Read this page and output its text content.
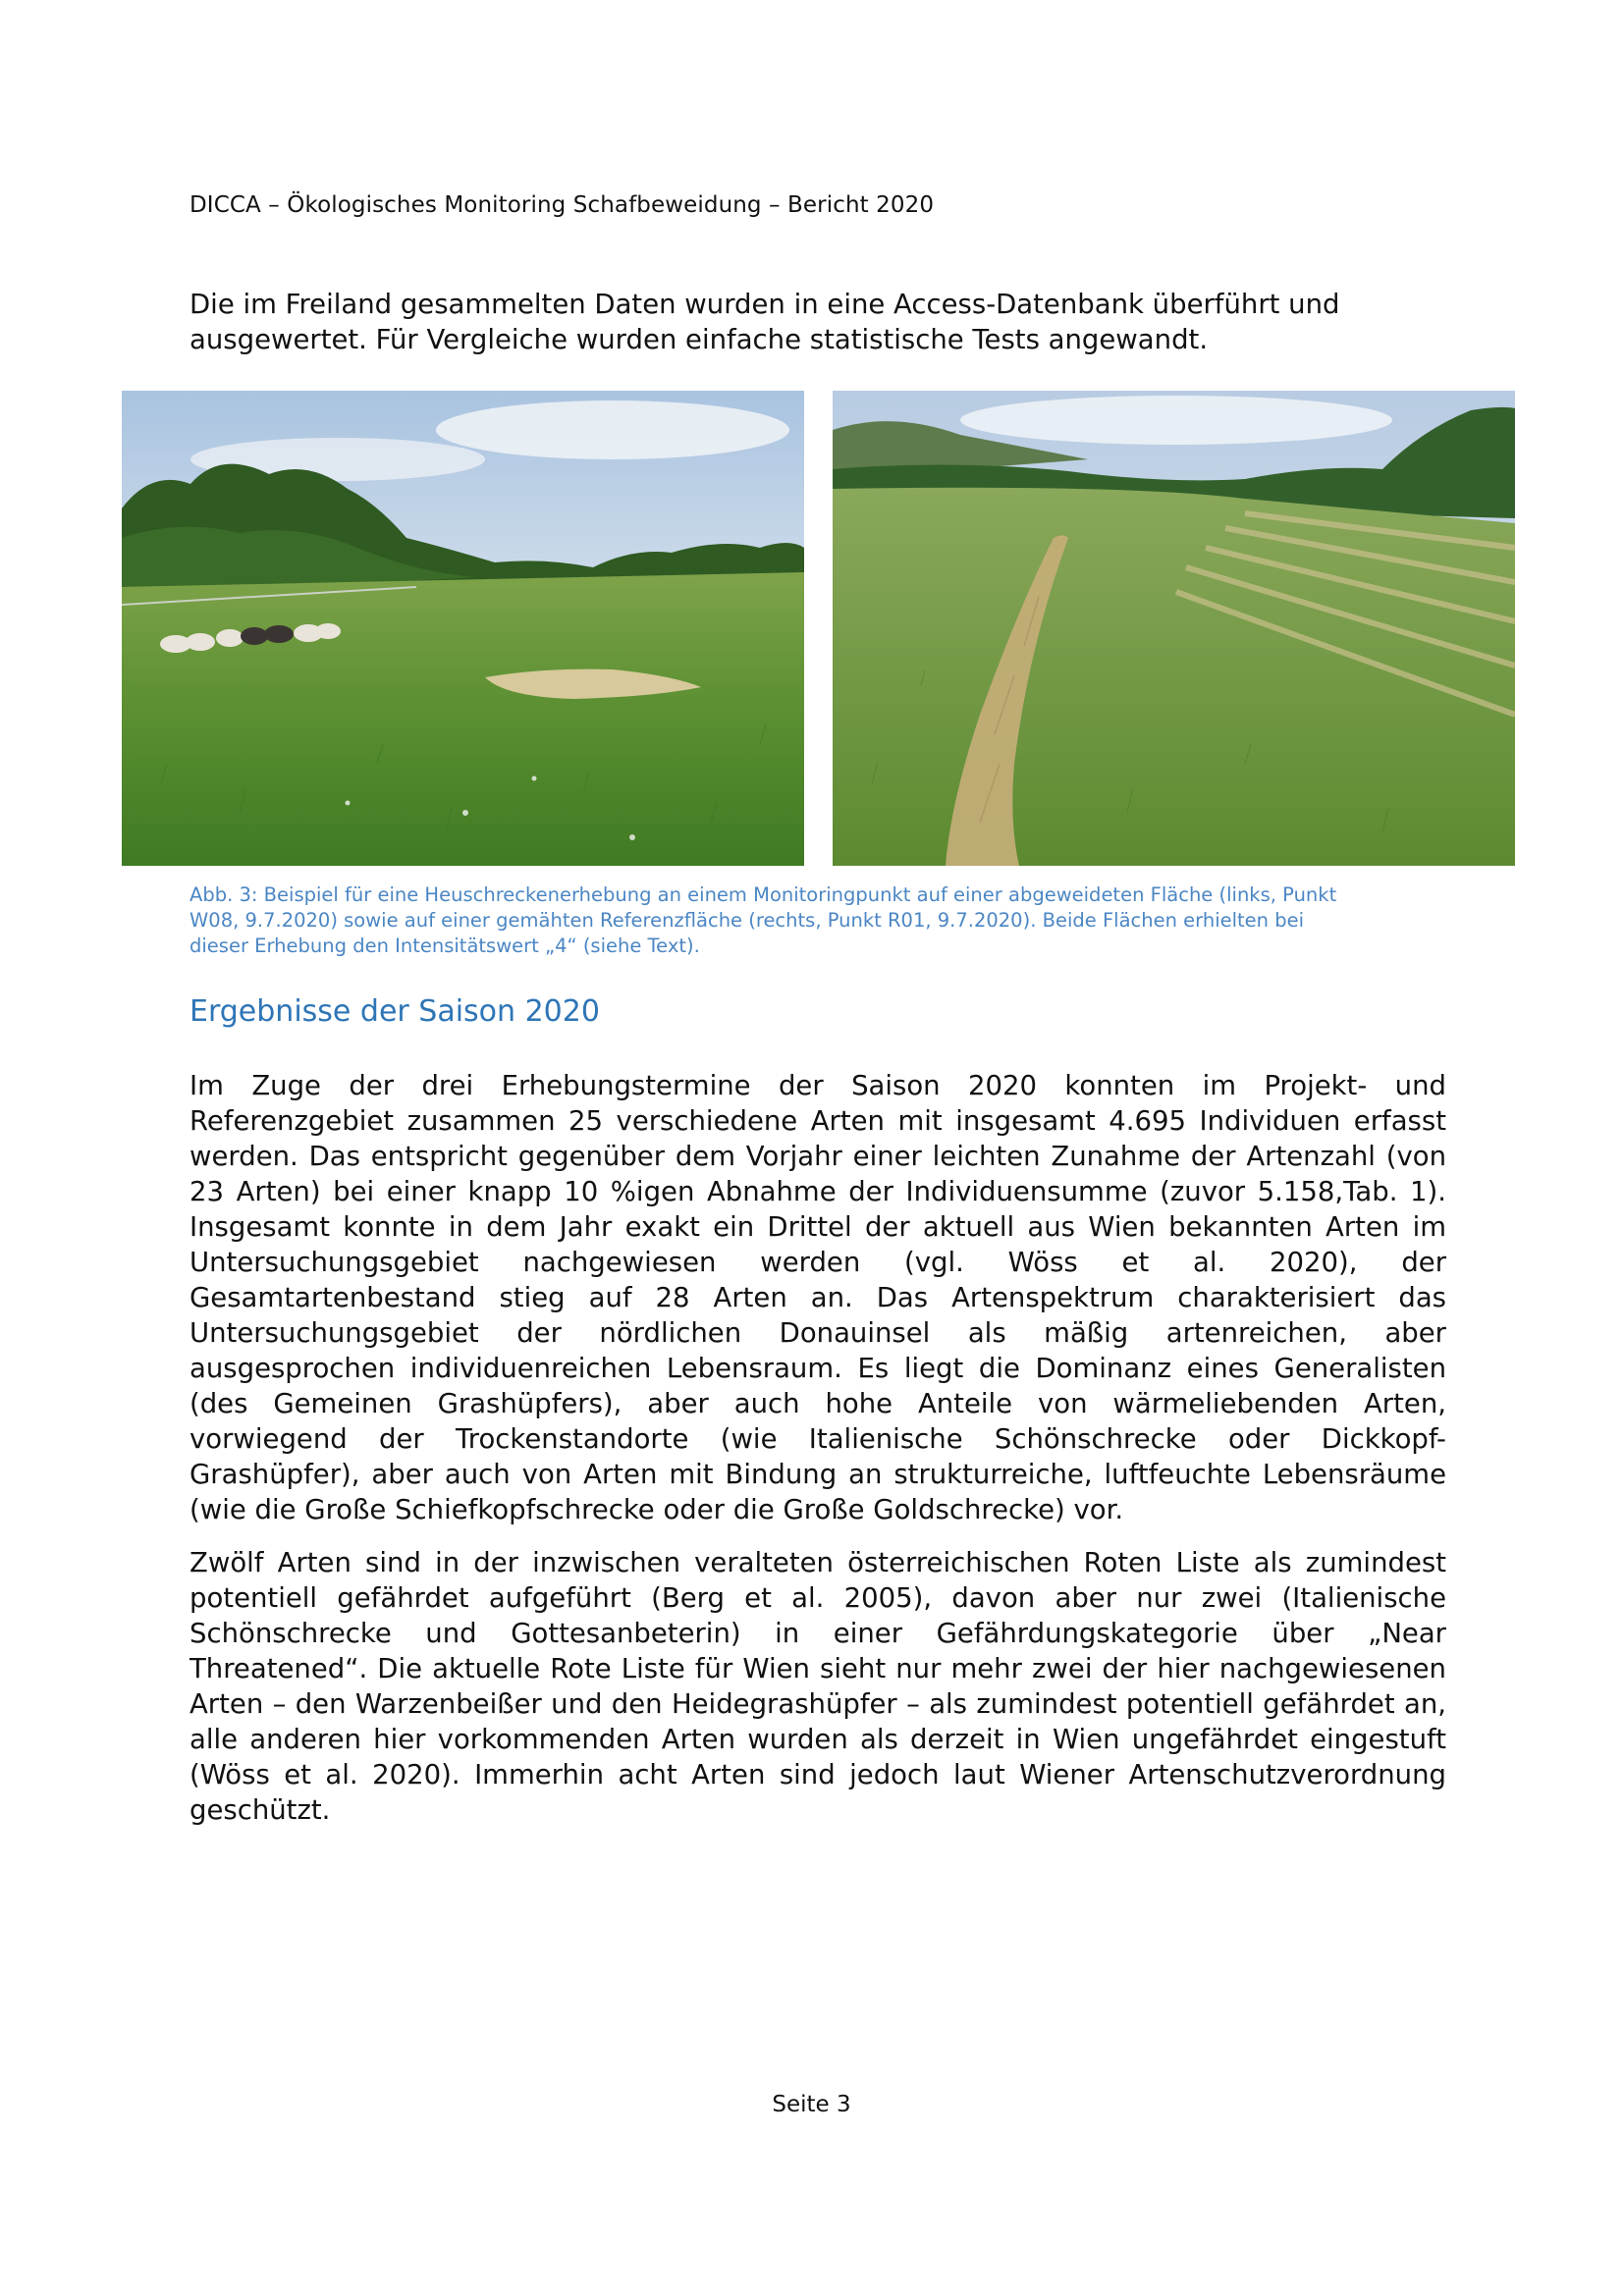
DICCA – Ökologisches Monitoring Schafbeweidung – Bericht 2020

Die im Freiland gesammelten Daten wurden in eine Access-Datenbank überführt und ausgewertet. Für Vergleiche wurden einfache statistische Tests angewandt.

Abb. 3: Beispiel für eine Heuschreckenerhebung an einem Monitoringpunkt auf einer abgeweideten Fläche (links, Punkt W08, 9.7.2020) sowie auf einer gemähten Referenzfläche (rechts, Punkt R01, 9.7.2020). Beide Flächen erhielten bei dieser Erhebung den Intensitätswert „4“ (siehe Text).
Ergebnisse der Saison 2020

Im Zuge der drei Erhebungstermine der Saison 2020 konnten im Projekt- und Referenzgebiet zusammen 25 verschiedene Arten mit insgesamt 4.695 Individuen erfasst werden. Das entspricht gegenüber dem Vorjahr einer leichten Zunahme der Artenzahl (von 23 Arten) bei einer knapp 10 %igen Abnahme der Individuensumme (zuvor 5.158,Tab. 1). Insgesamt konnte in dem Jahr exakt ein Drittel der aktuell aus Wien bekannten Arten im Untersuchungsgebiet nachgewiesen werden (vgl. Wöss et al. 2020), der Gesamtartenbestand stieg auf 28 Arten an. Das Artenspektrum charakterisiert das Untersuchungsgebiet der nördlichen Donauinsel als mäßig artenreichen, aber ausgesprochen individuenreichen Lebensraum. Es liegt die Dominanz eines Generalisten (des Gemeinen Grashüpfers), aber auch hohe Anteile von wärmeliebenden Arten, vorwiegend der Trockenstandorte (wie Italienische Schönschrecke oder Dickkopf-Grashüpfer), aber auch von Arten mit Bindung an strukturreiche, luftfeuchte Lebensräume (wie die Große Schiefkopfschrecke oder die Große Goldschrecke) vor.

Zwölf Arten sind in der inzwischen veralteten österreichischen Roten Liste als zumindest potentiell gefährdet aufgeführt (Berg et al. 2005), davon aber nur zwei (Italienische Schönschrecke und Gottesanbeterin) in einer Gefährdungskategorie über „Near Threatened“. Die aktuelle Rote Liste für Wien sieht nur mehr zwei der hier nachgewiesenen Arten – den Warzenbeißer und den Heidegrashüpfer – als zumindest potentiell gefährdet an, alle anderen hier vorkommenden Arten wurden als derzeit in Wien ungefährdet eingestuft (Wöss et al. 2020). Immerhin acht Arten sind jedoch laut Wiener Artenschutzverordnung geschützt.

Seite 3
